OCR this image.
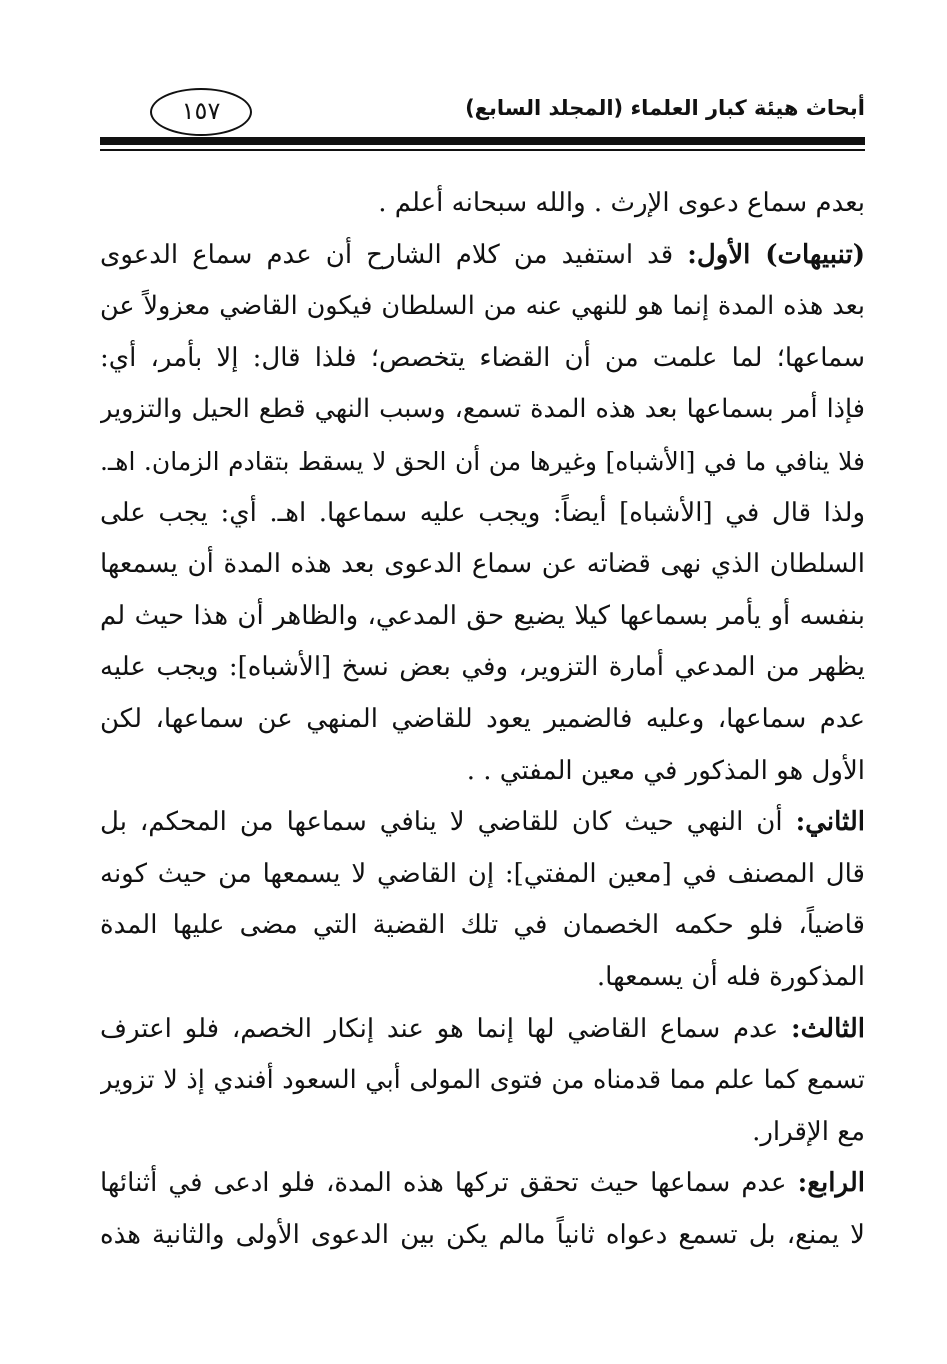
١٥٧	أبحاث هيئة كبار العلماء (المجلد السابع)
بعدم سماع دعوى الإرث . والله سبحانه أعلم .
(تنبيهات) الأول: قد استفيد من كلام الشارح أن عدم سماع الدعوى
بعد هذه المدة إنما هو للنهي عنه من السلطان فيكون القاضي معزولاً عن
سماعها؛ لما علمت من أن القضاء يتخصص؛ فلذا قال: إلا بأمر، أي:
فإذا أمر بسماعها بعد هذه المدة تسمع، وسبب النهي قطع الحيل والتزوير
فلا ينافي ما في [الأشباه] وغيرها من أن الحق لا يسقط بتقادم الزمان. اهـ.
ولذا قال في [الأشباه] أيضاً: ويجب عليه سماعها. اهـ. أي: يجب على
السلطان الذي نهى قضاته عن سماع الدعوى بعد هذه المدة أن يسمعها
بنفسه أو يأمر بسماعها كيلا يضيع حق المدعي، والظاهر أن هذا حيث لم
يظهر من المدعي أمارة التزوير، وفي بعض نسخ [الأشباه]: ويجب عليه
عدم سماعها، وعليه فالضمير يعود للقاضي المنهي عن سماعها، لكن
الأول هو المذكور في معين المفتي . .
الثاني: أن النهي حيث كان للقاضي لا ينافي سماعها من المحكم، بل
قال المصنف في [معين المفتي]: إن القاضي لا يسمعها من حيث كونه
قاضياً، فلو حكمه الخصمان في تلك القضية التي مضى عليها المدة
المذكورة فله أن يسمعها.
الثالث: عدم سماع القاضي لها إنما هو عند إنكار الخصم، فلو اعترف
تسمع كما علم مما قدمناه من فتوى المولى أبي السعود أفندي إذ لا تزوير
مع الإقرار.
الرابع: عدم سماعها حيث تحقق تركها هذه المدة، فلو ادعى في أثنائها
لا يمنع، بل تسمع دعواه ثانياً مالم يكن بين الدعوى الأولى والثانية هذه
